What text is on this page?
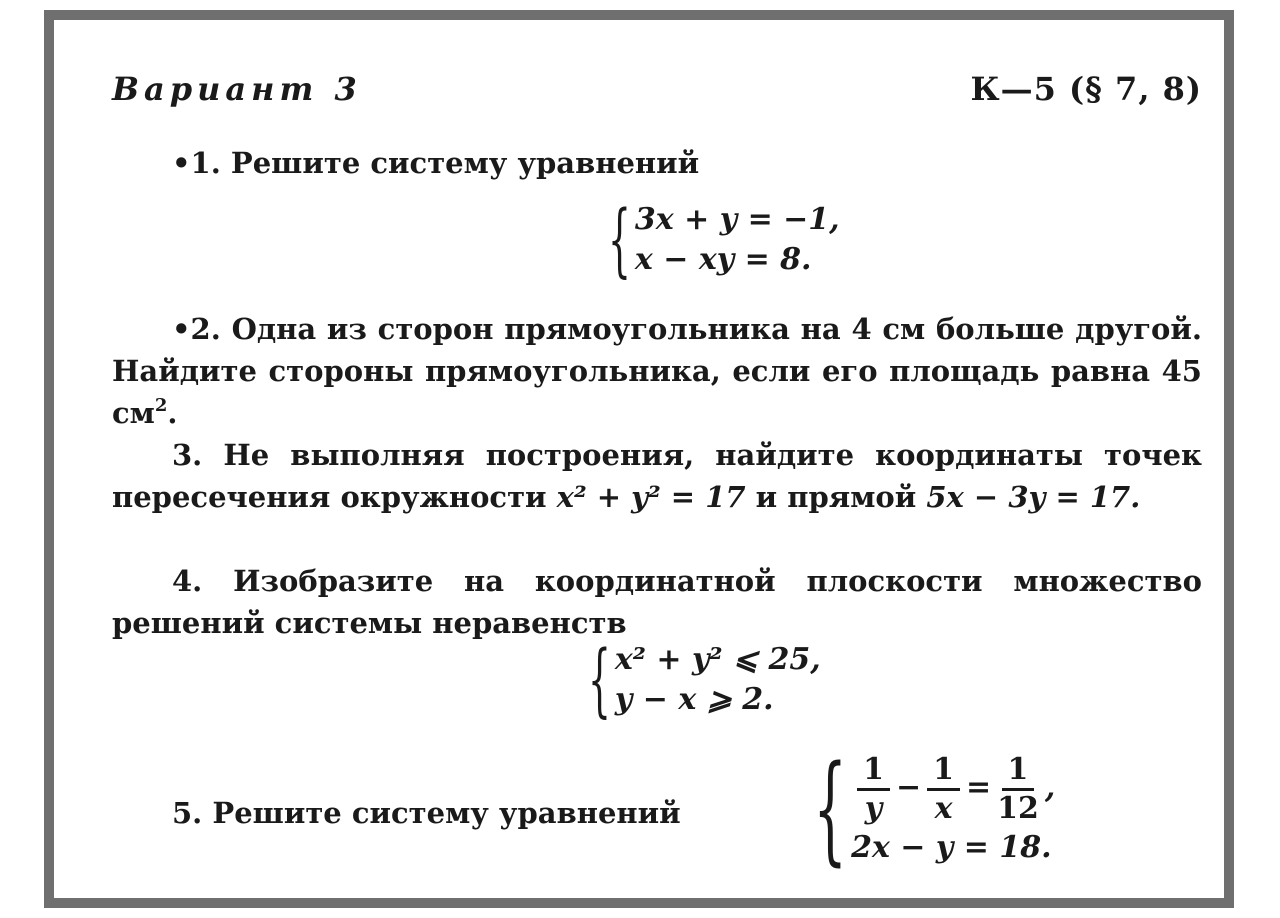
Вариант 3	К—5 (§ 7, 8)
•1. Решите систему уравнений
{ 3x + y = −1,
x − xy = 8.
•2. Одна из сторон прямоугольника на 4 см больше другой. Найдите стороны прямоугольника, если его площадь равна 45 $см^2$.
3. Не выполняя построения, найдите координаты точек пересечения окружности x² + y² = 17 и прямой 5x − 3y = 17.
4. Изобразите на координатной плоскости множество решений системы неравенств
{ x² + y² ⩽ 25,
y − x ⩾ 2.
5. Решите систему уравнений { $\frac{1}{y} - \frac{1}{x} = \frac{1}{12}$ ,
2x − y = 18.
